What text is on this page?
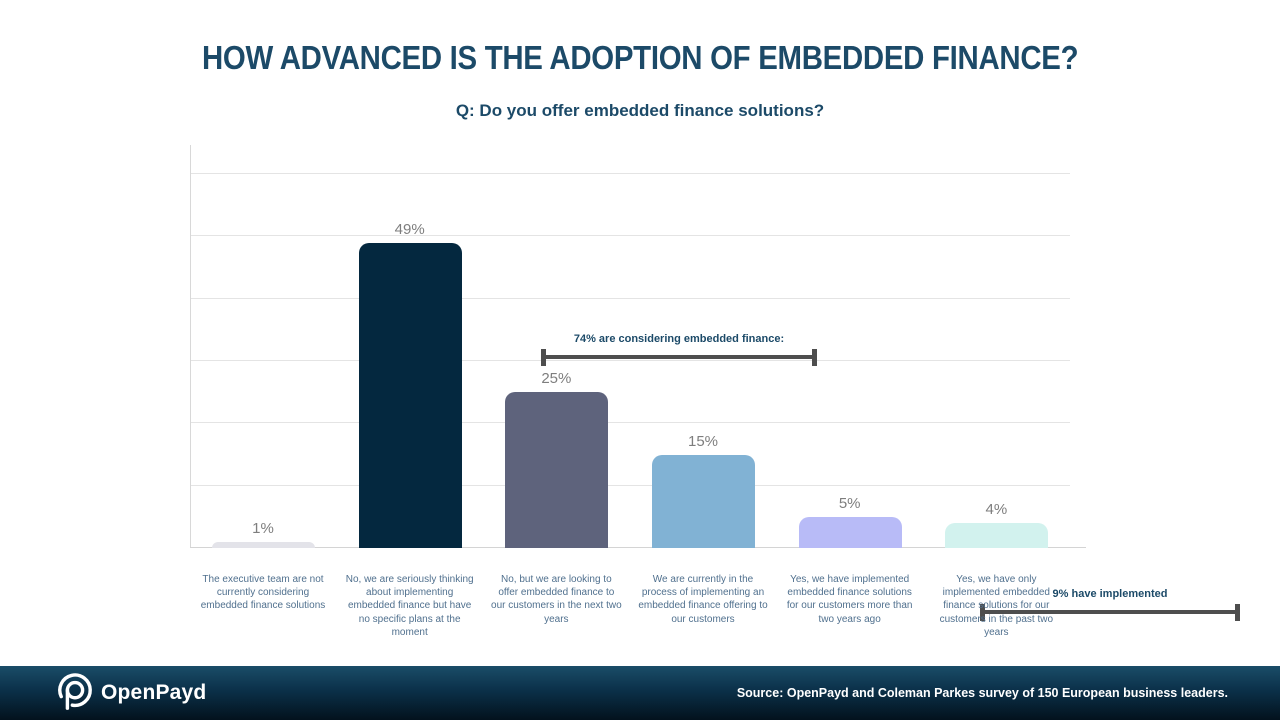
HOW ADVANCED IS THE ADOPTION OF EMBEDDED FINANCE?
Q: Do you offer embedded finance solutions?
74% are considering embedded finance:
9% have implemented
1%
The executive team are not currently considering embedded finance solutions
49%
No, we are seriously thinking about implementing embedded finance but have no specific plans at the moment
25%
No, but we are looking to offer embedded finance to our customers in the next two years
15%
We are currently in the process of implementing an embedded finance offering to our customers
5%
Yes, we have implemented embedded finance solutions for our customers more than two years ago
4%
Yes, we have only implemented embedded finance solutions for our customers in the past two years
OpenPayd	Source: OpenPayd and Coleman Parkes survey of 150 European business leaders.
